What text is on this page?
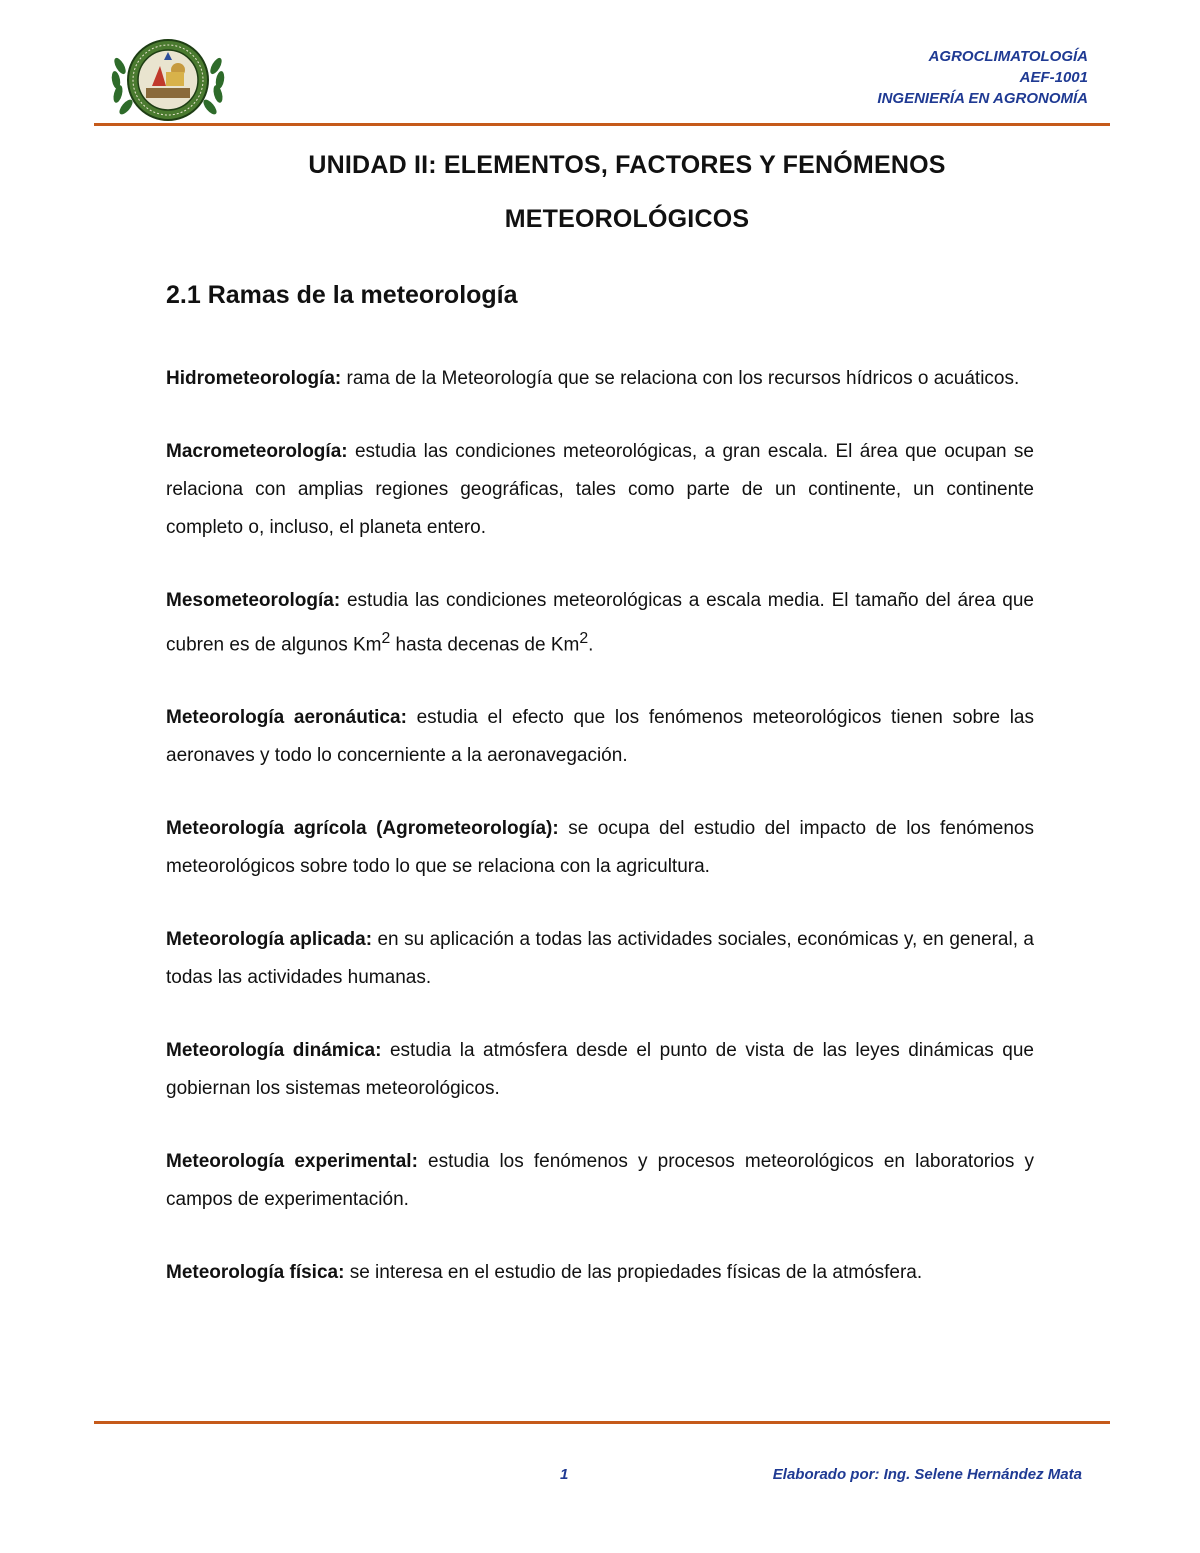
AGROCLIMATOLOGÍA
AEF-1001
INGENIERÍA EN AGRONOMÍA
UNIDAD II: ELEMENTOS, FACTORES Y FENÓMENOS
METEOROLÓGICOS
2.1 Ramas de la meteorología

Hidrometeorología: rama de la Meteorología que se relaciona con los recursos hídricos o acuáticos.

Macrometeorología: estudia las condiciones meteorológicas, a gran escala. El área que ocupan se relaciona con amplias regiones geográficas, tales como parte de un continente, un continente completo o, incluso, el planeta entero.

Mesometeorología: estudia las condiciones meteorológicas a escala media. El tamaño del área que cubren es de algunos Km$^2$ hasta decenas de Km$^2$.

Meteorología aeronáutica: estudia el efecto que los fenómenos meteorológicos tienen sobre las aeronaves y todo lo concerniente a la aeronavegación.

Meteorología agrícola (Agrometeorología): se ocupa del estudio del impacto de los fenómenos meteorológicos sobre todo lo que se relaciona con la agricultura.

Meteorología aplicada: en su aplicación a todas las actividades sociales, económicas y, en general, a todas las actividades humanas.

Meteorología dinámica: estudia la atmósfera desde el punto de vista de las leyes dinámicas que gobiernan los sistemas meteorológicos.

Meteorología experimental: estudia los fenómenos y procesos meteorológicos en laboratorios y campos de experimentación.

Meteorología física: se interesa en el estudio de las propiedades físicas de la atmósfera.

1	Elaborado por: Ing. Selene Hernández Mata
